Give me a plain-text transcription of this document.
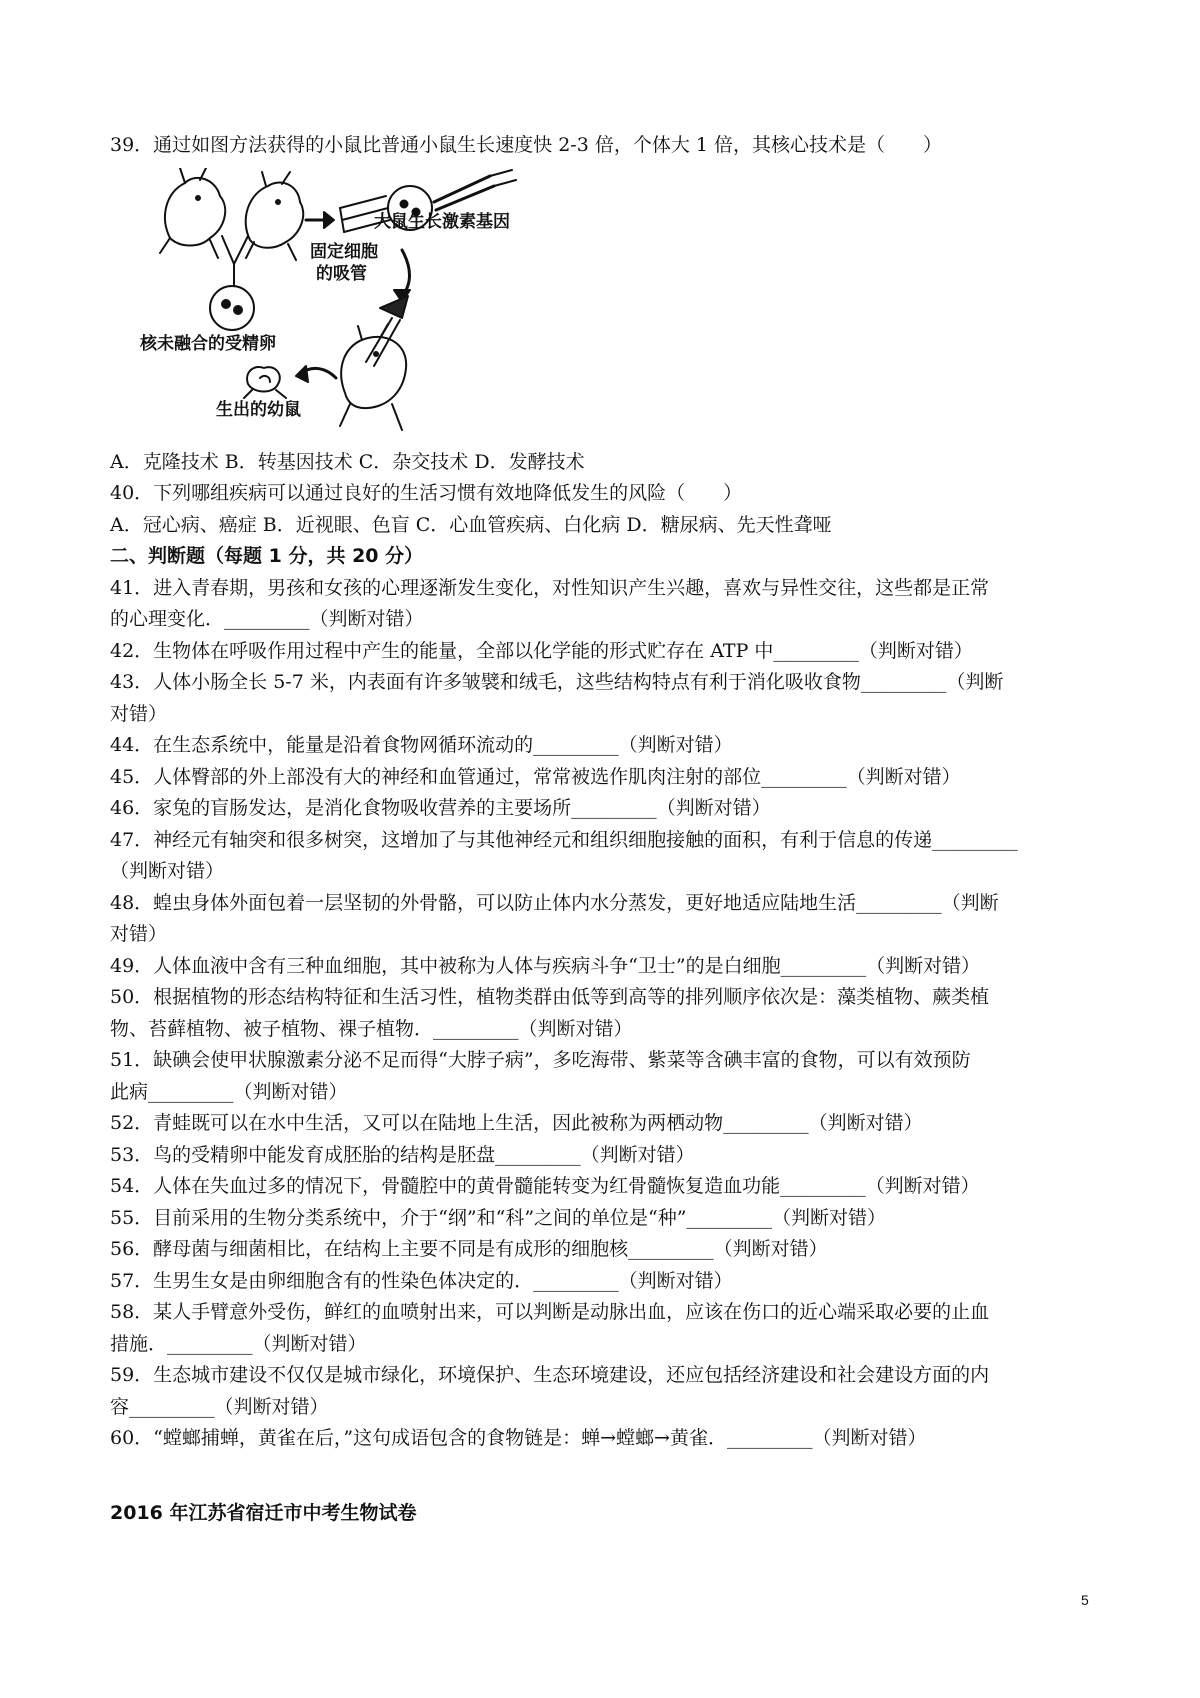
39．通过如图方法获得的小鼠比普通小鼠生长速度快 2-3 倍，个体大 1 倍，其核心技术是（　　）
大鼠生长激素基因
固定细胞
的吸管
核未融合的受精卵
生出的幼鼠
A．克隆技术 B．转基因技术 C．杂交技术 D．发酵技术
40．下列哪组疾病可以通过良好的生活习惯有效地降低发生的风险（　　）
A．冠心病、癌症 B．近视眼、色盲 C．心血管疾病、白化病 D．糖尿病、先天性聋哑
二、判断题（每题 1 分，共 20 分）
41．进入青春期，男孩和女孩的心理逐渐发生变化，对性知识产生兴趣，喜欢与异性交往，这些都是正常
的心理变化．_________（判断对错）
42．生物体在呼吸作用过程中产生的能量，全部以化学能的形式贮存在 ATP 中_________（判断对错）
43．人体小肠全长 5-7 米，内表面有许多皱襞和绒毛，这些结构特点有利于消化吸收食物_________（判断
对错）
44．在生态系统中，能量是沿着食物网循环流动的_________（判断对错）
45．人体臀部的外上部没有大的神经和血管通过，常常被选作肌肉注射的部位_________（判断对错）
46．家兔的盲肠发达，是消化食物吸收营养的主要场所_________（判断对错）
47．神经元有轴突和很多树突，这增加了与其他神经元和组织细胞接触的面积，有利于信息的传递_________
（判断对错）
48．蝗虫身体外面包着一层坚韧的外骨骼，可以防止体内水分蒸发，更好地适应陆地生活_________（判断
对错）
49．人体血液中含有三种血细胞，其中被称为人体与疾病斗争“卫士”的是白细胞_________（判断对错）
50．根据植物的形态结构特征和生活习性，植物类群由低等到高等的排列顺序依次是：藻类植物、蕨类植
物、苔藓植物、被子植物、裸子植物．_________（判断对错）
51．缺碘会使甲状腺激素分泌不足而得“大脖子病”，多吃海带、紫菜等含碘丰富的食物，可以有效预防
此病_________（判断对错）
52．青蛙既可以在水中生活，又可以在陆地上生活，因此被称为两栖动物_________（判断对错）
53．鸟的受精卵中能发育成胚胎的结构是胚盘_________（判断对错）
54．人体在失血过多的情况下，骨髓腔中的黄骨髓能转变为红骨髓恢复造血功能_________（判断对错）
55．目前采用的生物分类系统中，介于“纲”和“科”之间的单位是“种”_________（判断对错）
56．酵母菌与细菌相比，在结构上主要不同是有成形的细胞核_________（判断对错）
57．生男生女是由卵细胞含有的性染色体决定的．_________（判断对错）
58．某人手臂意外受伤，鲜红的血喷射出来，可以判断是动脉出血，应该在伤口的近心端采取必要的止血
措施．_________（判断对错）
59．生态城市建设不仅仅是城市绿化，环境保护、生态环境建设，还应包括经济建设和社会建设方面的内
容_________（判断对错）
60．“螳螂捕蝉，黄雀在后，”这句成语包含的食物链是：蝉→螳螂→黄雀．_________（判断对错）
2016 年江苏省宿迁市中考生物试卷
5
